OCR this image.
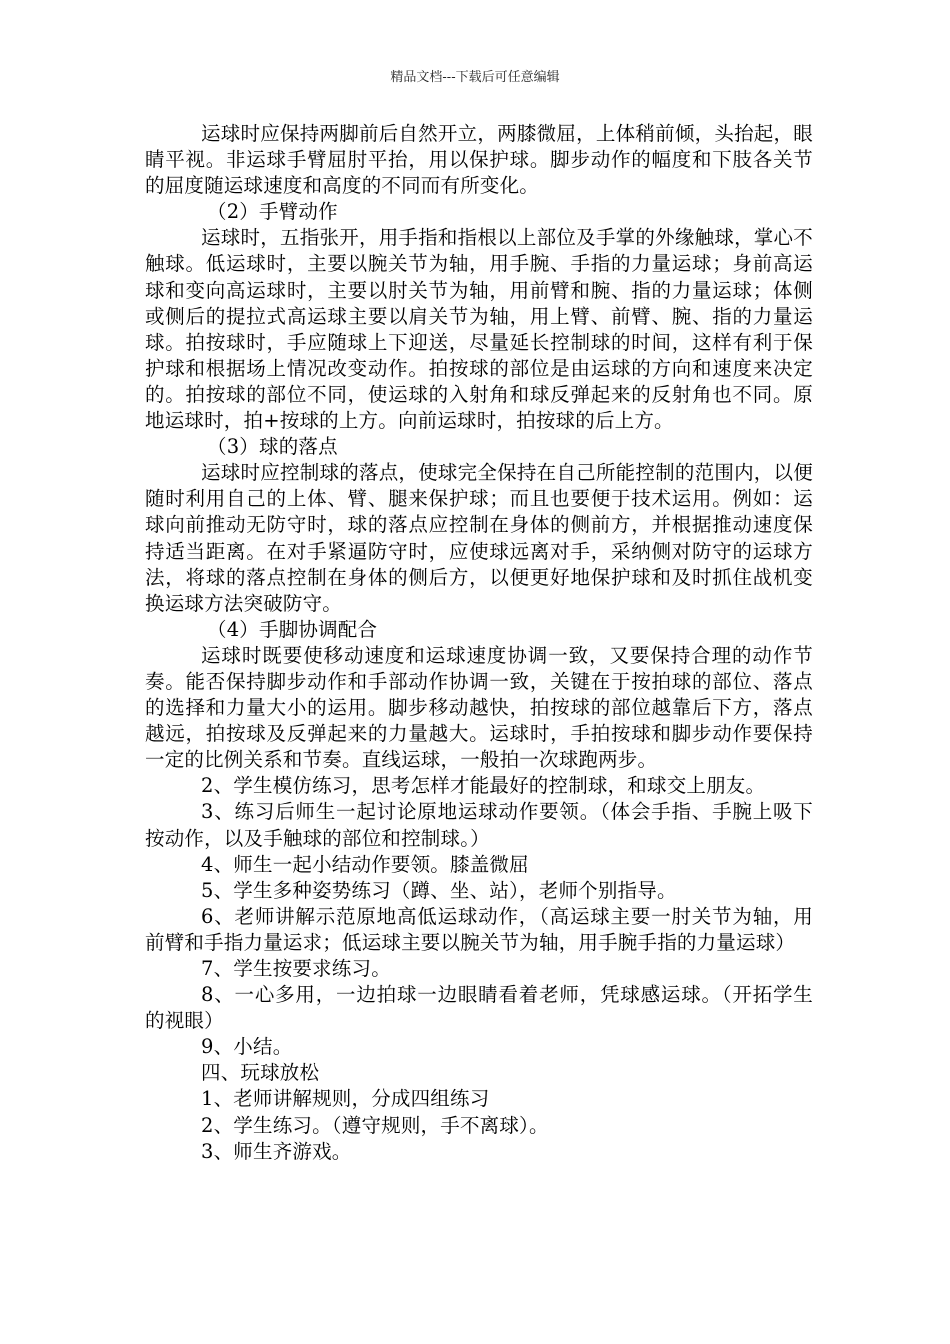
精品文档---下载后可任意编辑

运球时应保持两脚前后自然开立，两膝微屈，上体稍前倾，头抬起，眼睛平视。非运球手臂屈肘平抬，用以保护球。脚步动作的幅度和下肢各关节的屈度随运球速度和高度的不同而有所变化。

（2）手臂动作

运球时，五指张开，用手指和指根以上部位及手掌的外缘触球，掌心不触球。低运球时，主要以腕关节为轴，用手腕、手指的力量运球；身前高运球和变向高运球时，主要以肘关节为轴，用前臂和腕、指的力量运球；体侧或侧后的提拉式高运球主要以肩关节为轴，用上臂、前臂、腕、指的力量运球。拍按球时，手应随球上下迎送，尽量延长控制球的时间，这样有利于保护球和根据场上情况改变动作。拍按球的部位是由运球的方向和速度来决定的。拍按球的部位不同，使运球的入射角和球反弹起来的反射角也不同。原地运球时，拍+按球的上方。向前运球时，拍按球的后上方。

（3）球的落点

运球时应控制球的落点，使球完全保持在自己所能控制的范围内，以便随时利用自己的上体、臂、腿来保护球；而且也要便于技术运用。例如：运球向前推动无防守时，球的落点应控制在身体的侧前方，并根据推动速度保持适当距离。在对手紧逼防守时，应使球远离对手，采纳侧对防守的运球方法，将球的落点控制在身体的侧后方，以便更好地保护球和及时抓住战机变换运球方法突破防守。

（4）手脚协调配合

运球时既要使移动速度和运球速度协调一致，又要保持合理的动作节奏。能否保持脚步动作和手部动作协调一致，关键在于按拍球的部位、落点的选择和力量大小的运用。脚步移动越快，拍按球的部位越靠后下方，落点越远，拍按球及反弹起来的力量越大。运球时，手拍按球和脚步动作要保持一定的比例关系和节奏。直线运球，一般拍一次球跑两步。

2、学生模仿练习，思考怎样才能最好的控制球，和球交上朋友。

3、练习后师生一起讨论原地运球动作要领。（体会手指、手腕上吸下按动作，以及手触球的部位和控制球。）

4、师生一起小结动作要领。膝盖微屈

5、学生多种姿势练习（蹲、坐、站），老师个别指导。

6、老师讲解示范原地高低运球动作，（高运球主要一肘关节为轴，用前臂和手指力量运求；低运球主要以腕关节为轴，用手腕手指的力量运球）

7、学生按要求练习。

8、一心多用，一边拍球一边眼睛看着老师，凭球感运球。（开拓学生的视眼）

9、小结。

四、玩球放松

1、老师讲解规则，分成四组练习

2、学生练习。（遵守规则，手不离球）。

3、师生齐游戏。
